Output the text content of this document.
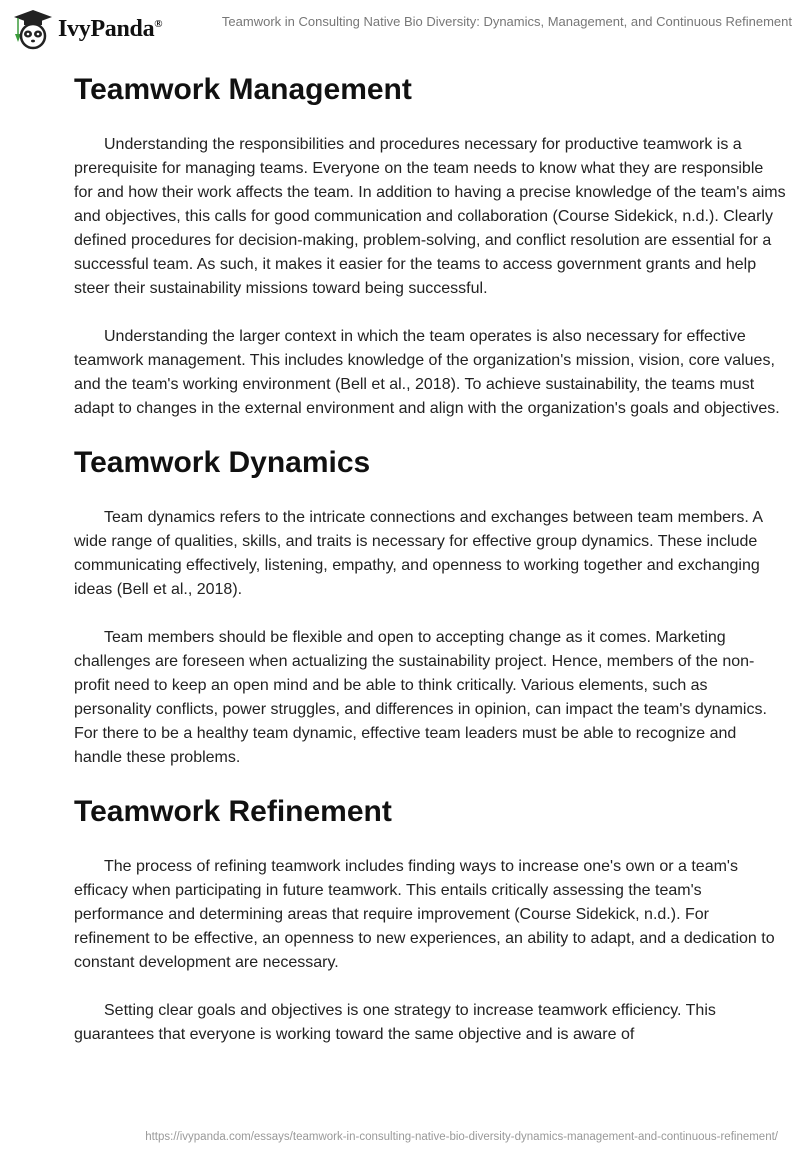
IvyPanda®	Teamwork in Consulting Native Bio Diversity: Dynamics, Management, and Continuous Refinement
Teamwork Management

Understanding the responsibilities and procedures necessary for productive teamwork is a prerequisite for managing teams. Everyone on the team needs to know what they are responsible for and how their work affects the team. In addition to having a precise knowledge of the team's aims and objectives, this calls for good communication and collaboration (Course Sidekick, n.d.). Clearly defined procedures for decision-making, problem-solving, and conflict resolution are essential for a successful team. As such, it makes it easier for the teams to access government grants and help steer their sustainability missions toward being successful.

Understanding the larger context in which the team operates is also necessary for effective teamwork management. This includes knowledge of the organization's mission, vision, core values, and the team's working environment (Bell et al., 2018). To achieve sustainability, the teams must adapt to changes in the external environment and align with the organization's goals and objectives.

Teamwork Dynamics

Team dynamics refers to the intricate connections and exchanges between team members. A wide range of qualities, skills, and traits is necessary for effective group dynamics. These include communicating effectively, listening, empathy, and openness to working together and exchanging ideas (Bell et al., 2018).

Team members should be flexible and open to accepting change as it comes. Marketing challenges are foreseen when actualizing the sustainability project. Hence, members of the non-profit need to keep an open mind and be able to think critically. Various elements, such as personality conflicts, power struggles, and differences in opinion, can impact the team's dynamics. For there to be a healthy team dynamic, effective team leaders must be able to recognize and handle these problems.

Teamwork Refinement

The process of refining teamwork includes finding ways to increase one's own or a team's efficacy when participating in future teamwork. This entails critically assessing the team's performance and determining areas that require improvement (Course Sidekick, n.d.). For refinement to be effective, an openness to new experiences, an ability to adapt, and a dedication to constant development are necessary.

Setting clear goals and objectives is one strategy to increase teamwork efficiency. This guarantees that everyone is working toward the same objective and is aware of

https://ivypanda.com/essays/teamwork-in-consulting-native-bio-diversity-dynamics-management-and-continuous-refinement/
